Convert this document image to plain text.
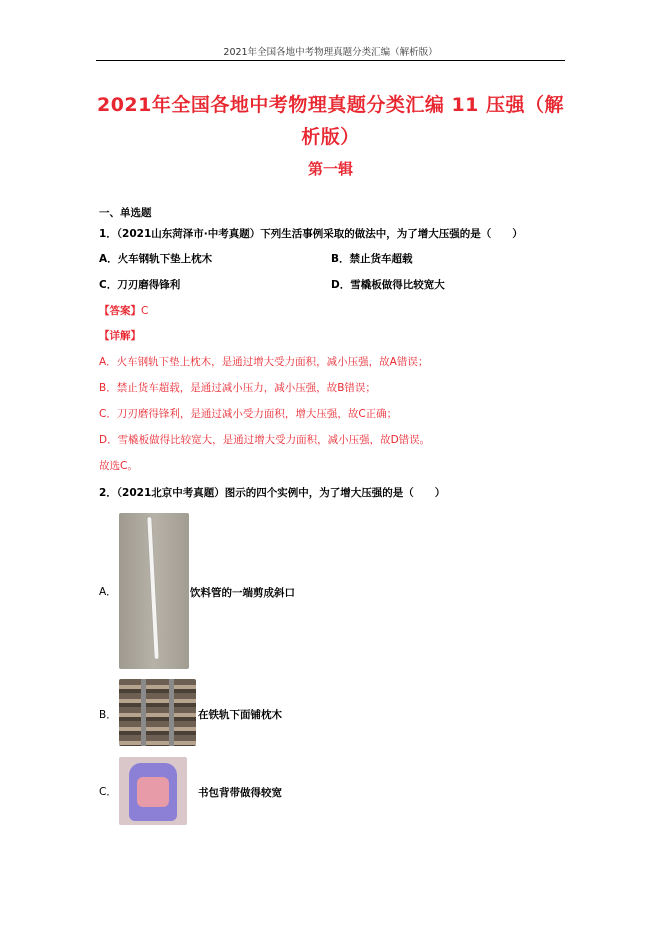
2021年全国各地中考物理真题分类汇编（解析版）
2021年全国各地中考物理真题分类汇编 11 压强（解
析版）
第一辑
一、单选题
1．（2021山东菏泽市·中考真题）下列生活事例采取的做法中，为了增大压强的是（　　）
A．火车钢轨下垫上枕木	B．禁止货车超载
C．刀刃磨得锋利	D．雪橇板做得比较宽大
【答案】C
【详解】
A．火车钢轨下垫上枕木，是通过增大受力面积，减小压强，故A错误；
B．禁止货车超载，是通过减小压力，减小压强，故B错误；
C．刀刃磨得锋利，是通过减小受力面积，增大压强，故C正确；
D．雪橇板做得比较宽大，是通过增大受力面积，减小压强，故D错误。
故选C。
2．（2021北京中考真题）图示的四个实例中，为了增大压强的是（　　）
A．	饮料管的一端剪成斜口
B．	在铁轨下面铺枕木
C．	书包背带做得较宽
